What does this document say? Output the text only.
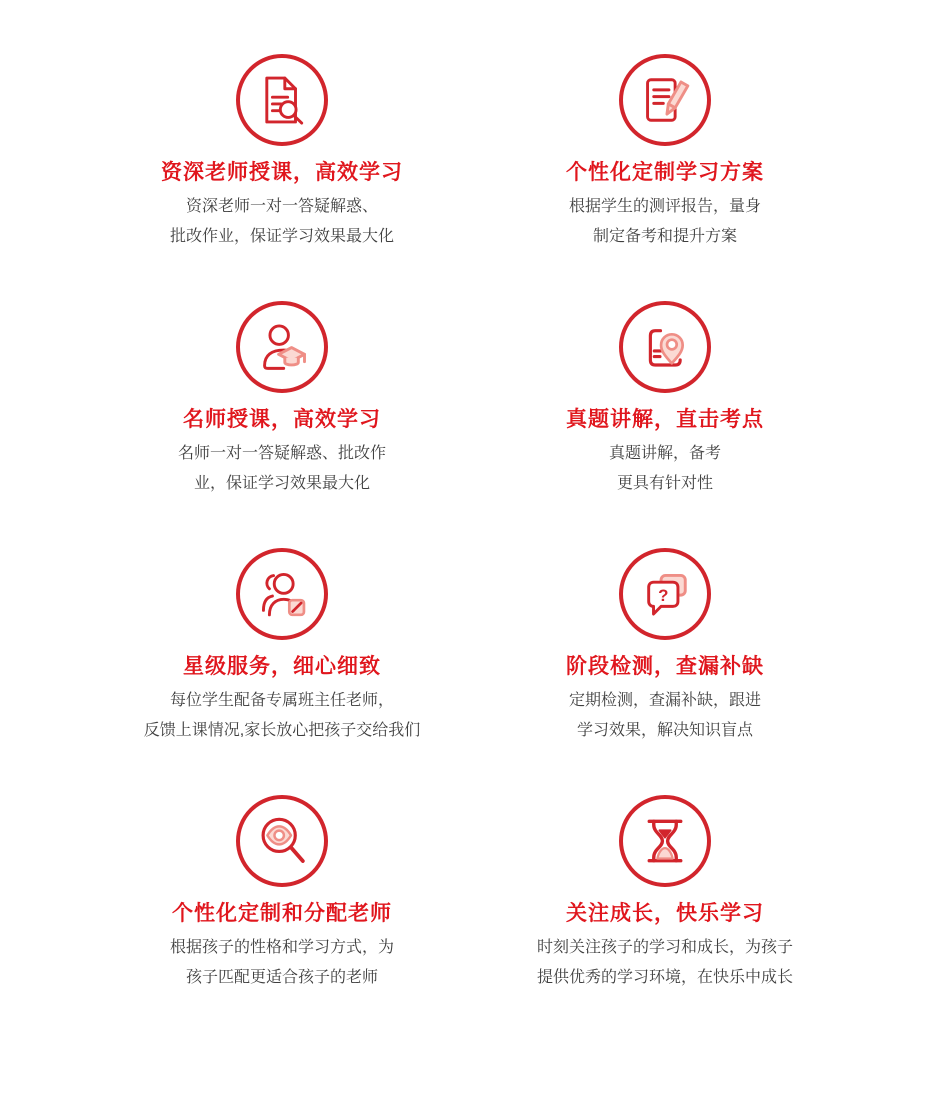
资深老师授课，高效学习

资深老师一对一答疑解惑、

批改作业，保证学习效果最大化

个性化定制学习方案

根据学生的测评报告，量身

制定备考和提升方案

名师授课，高效学习

名师一对一答疑解惑、批改作

业，保证学习效果最大化

真题讲解，直击考点

真题讲解，备考

更具有针对性

星级服务，细心细致

每位学生配备专属班主任老师，

反馈上课情况,家长放心把孩子交给我们

?
阶段检测，查漏补缺

定期检测，查漏补缺，跟进

学习效果，解决知识盲点

个性化定制和分配老师

根据孩子的性格和学习方式，为

孩子匹配更适合孩子的老师

关注成长，快乐学习

时刻关注孩子的学习和成长，为孩子

提供优秀的学习环境，在快乐中成长
